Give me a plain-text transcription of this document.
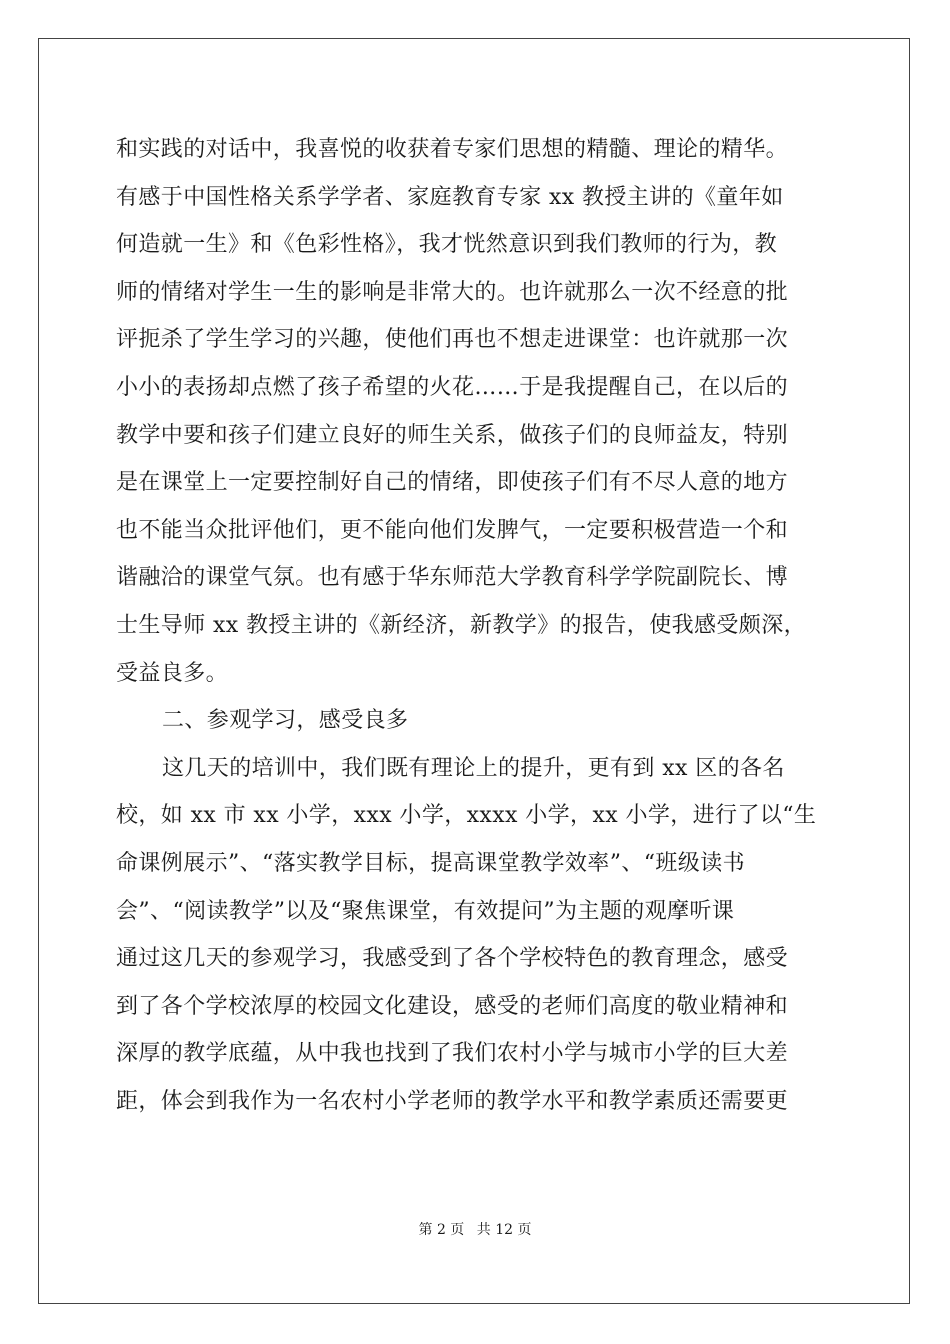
和实践的对话中，我喜悦的收获着专家们思想的精髓、理论的精华。
有感于中国性格关系学学者、家庭教育专家 xx 教授主讲的《童年如
何造就一生》和《色彩性格》，我才恍然意识到我们教师的行为，教
师的情绪对学生一生的影响是非常大的。也许就那么一次不经意的批
评扼杀了学生学习的兴趣，使他们再也不想走进课堂：也许就那一次
小小的表扬却点燃了孩子希望的火花……于是我提醒自己，在以后的
教学中要和孩子们建立良好的师生关系，做孩子们的良师益友，特别
是在课堂上一定要控制好自己的情绪，即使孩子们有不尽人意的地方
也不能当众批评他们，更不能向他们发脾气，一定要积极营造一个和
谐融洽的课堂气氛。也有感于华东师范大学教育科学学院副院长、博
士生导师 xx 教授主讲的《新经济，新教学》的报告，使我感受颇深，
受益良多。
二、参观学习，感受良多
这几天的培训中，我们既有理论上的提升，更有到 xx 区的各名
校，如 xx 市 xx 小学，xxx 小学，xxxx 小学，xx 小学，进行了以“生
命课例展示”、“落实教学目标，提高课堂教学效率”、“班级读书
会”、“阅读教学”以及“聚焦课堂，有效提问”为主题的观摩听课
通过这几天的参观学习，我感受到了各个学校特色的教育理念，感受
到了各个学校浓厚的校园文化建设，感受的老师们高度的敬业精神和
深厚的教学底蕴，从中我也找到了我们农村小学与城市小学的巨大差
距，体会到我作为一名农村小学老师的教学水平和教学素质还需要更
第 2 页 共 12 页
